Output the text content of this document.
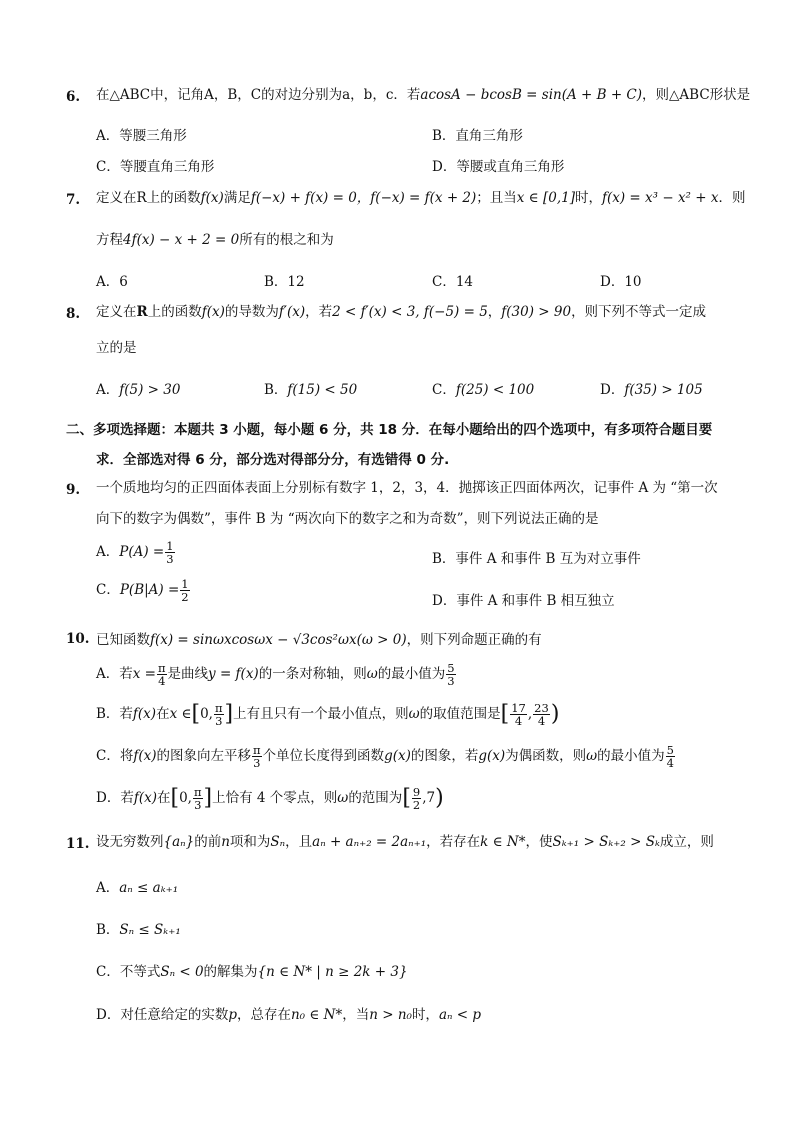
6. 在△ABC中，记角A，B，C的对边分别为a，b，c．若acosA − bcosB = sin(A + B + C)，则△ABC形状是
A．等腰三角形	B．直角三角形
C．等腰直角三角形	D．等腰或直角三角形
7. 定义在R上的函数f(x)满足f(−x) + f(x) = 0，f(−x) = f(x + 2)；且当x ∈ [0,1]时，f(x) = x³ − x² + x．则
方程4f(x) − x + 2 = 0所有的根之和为
A．6	B．12	C．14	D．10
8. 定义在R上的函数f(x)的导数为f′(x)，若2 < f′(x) < 3, f(−5) = 5，f(30) > 90，则下列不等式一定成
立的是
A．f(5) > 30	B．f(15) < 50	C．f(25) < 100	D．f(35) > 105
二、多项选择题：本题共 3 小题，每小题 6 分，共 18 分．在每小题给出的四个选项中，有多项符合题目要
求．全部选对得 6 分，部分选对得部分分，有选错得 0 分.
9. 一个质地均匀的正四面体表面上分别标有数字 1，2，3，4．抛掷该正四面体两次，记事件 A 为 “第一次
向下的数字为偶数”，事件 B 为 “两次向下的数字之和为奇数”，则下列说法正确的是
A．$P(A) = \frac{1}{3}$	B．事件 A 和事件 B 互为对立事件
C．$P(B|A) = \frac{1}{2}$	D．事件 A 和事件 B 相互独立
10. 已知函数f(x) = sinωxcosωx − √3cos²ωx(ω > 0)，则下列命题正确的有
A．若$x = \frac{\pi}{4}$ 是曲线y = f(x)的一条对称轴，则ω的最小值为 $\frac{5}{3}$
B．若f(x)在x ∈[0, $\frac{\pi}{3}$ ]上有且只有一个最小值点，则ω的取值范围是[ $\frac{17}{4}$ , $\frac{23}{4}$ )
C．将f(x)的图象向左平移 $\frac{\pi}{3}$ 个单位长度得到函数g(x)的图象，若g(x)为偶函数，则ω的最小值为 $\frac{5}{4}$
D．若f(x)在[0, $\frac{\pi}{3}$ ]上恰有 4 个零点，则ω的范围为[ $\frac{9}{2} ,7$)
11. 设无穷数列{aₙ}的前n项和为Sₙ，且aₙ + aₙ₊₂ = 2aₙ₊₁，若存在k ∈ N*，使Sₖ₊₁ > Sₖ₊₂ > Sₖ成立，则
A．aₙ ≤ aₖ₊₁
B．Sₙ ≤ Sₖ₊₁
C．不等式Sₙ < 0的解集为{n ∈ N* | n ≥ 2k + 3}
D．对任意给定的实数p，总存在n₀ ∈ N*，当n > n₀时，aₙ < p
